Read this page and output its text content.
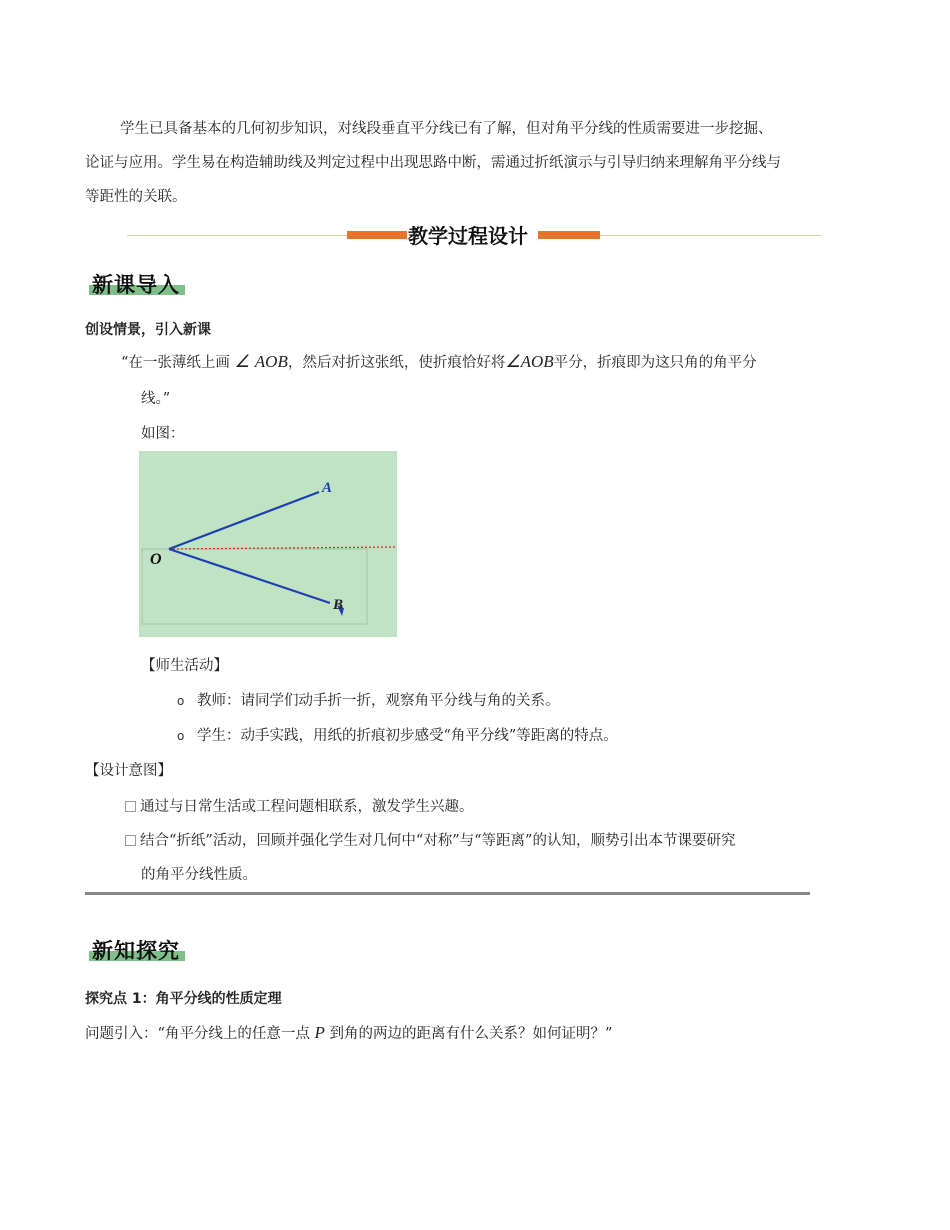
学生已具备基本的几何初步知识，对线段垂直平分线已有了解，但对角平分线的性质需要进一步挖掘、
论证与应用。学生易在构造辅助线及判定过程中出现思路中断，需通过折纸演示与引导归纳来理解角平分线与
等距性的关联。
教学过程设计
新课导入
创设情景，引入新课
“在一张薄纸上画 ∠ AOB，然后对折这张纸，使折痕恰好将∠AOB平分，折痕即为这只角的角平分
线。”
如图：
A
O
B
【师生活动】
o 教师：请同学们动手折一折，观察角平分线与角的关系。
o 学生：动手实践，用纸的折痕初步感受“角平分线”等距离的特点。
【设计意图】
通过与日常生活或工程问题相联系，激发学生兴趣。
结合“折纸”活动，回顾并强化学生对几何中“对称”与“等距离”的认知，顺势引出本节课要研究
的角平分线性质。
新知探究
探究点 1：角平分线的性质定理
问题引入：“角平分线上的任意一点 P 到角的两边的距离有什么关系？如何证明？”
